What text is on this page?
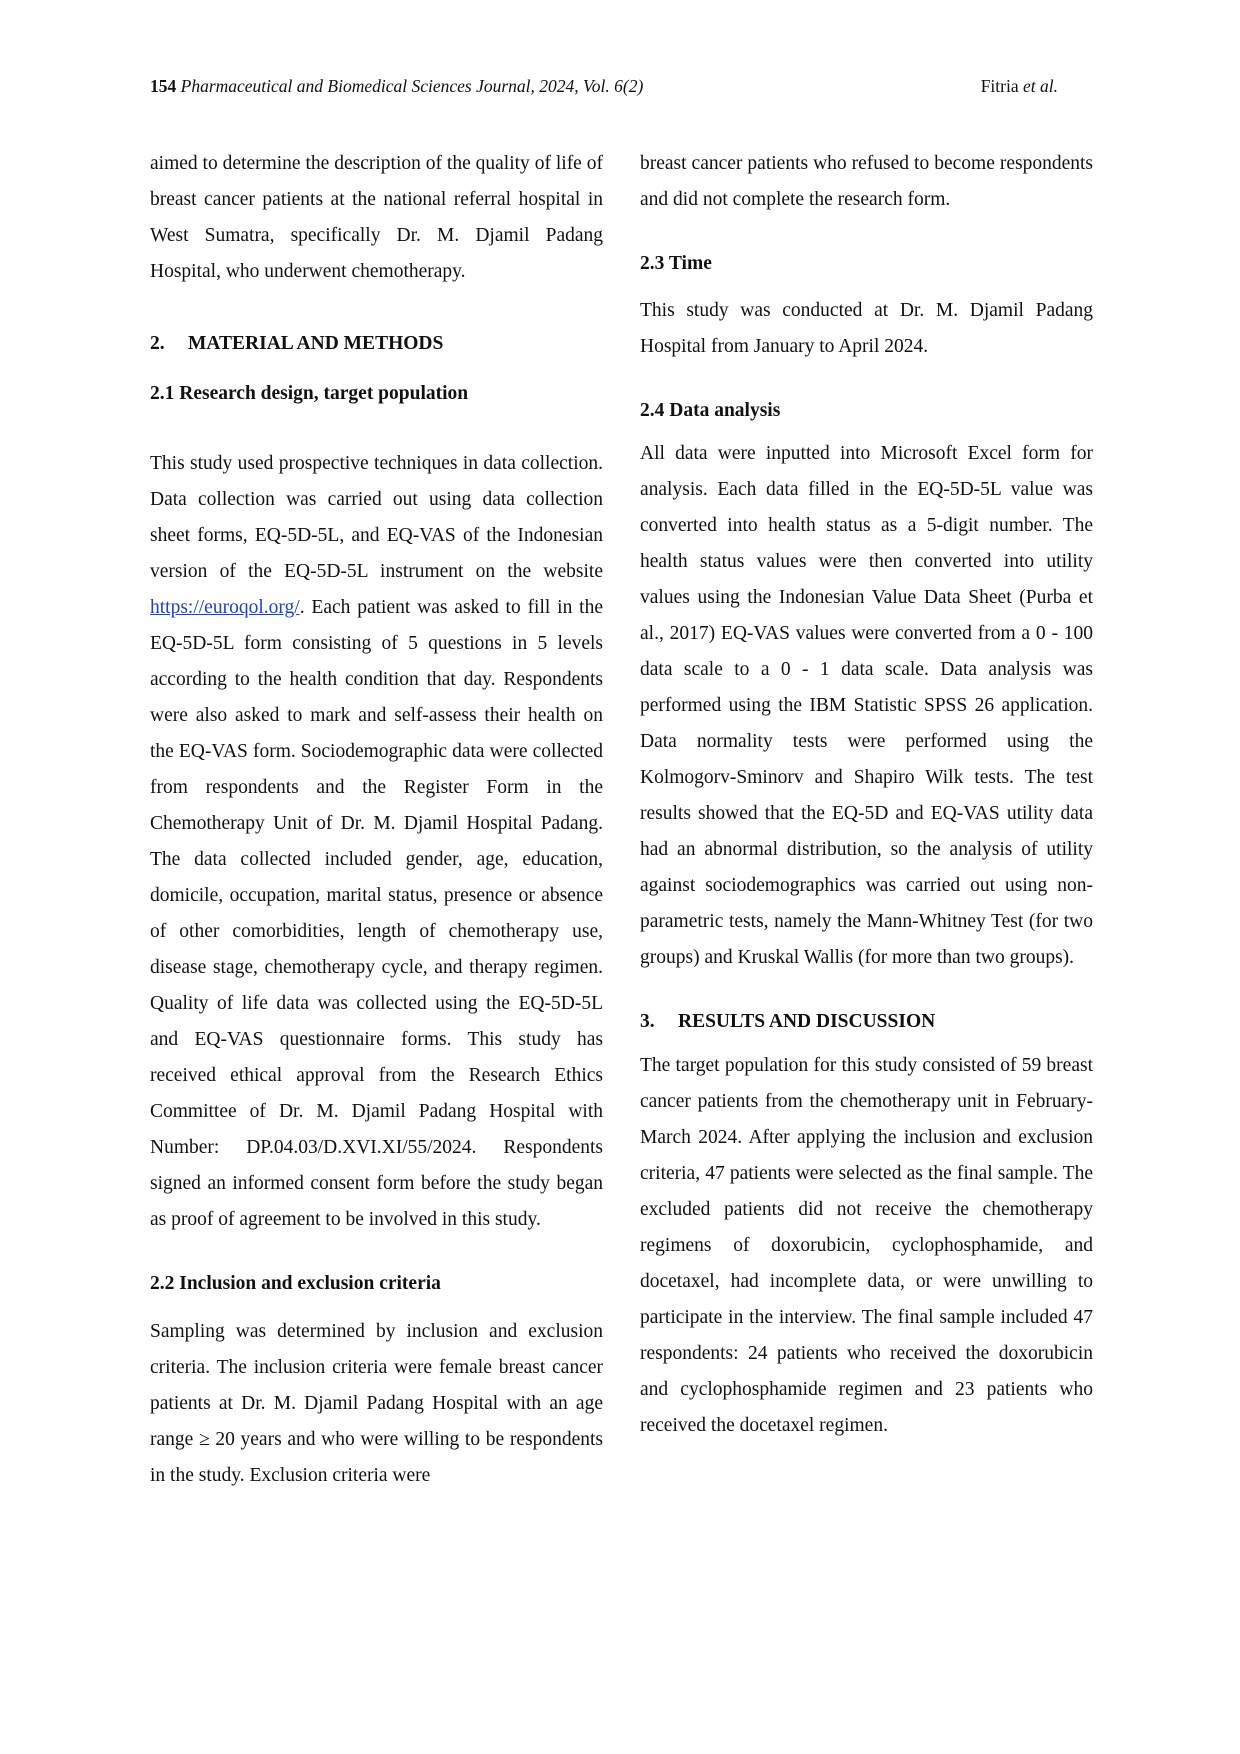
154 Pharmaceutical and Biomedical Sciences Journal, 2024, Vol. 6(2)	Fitria et al.

aimed to determine the description of the quality of life of breast cancer patients at the national referral hospital in West Sumatra, specifically Dr. M. Djamil Padang Hospital, who underwent chemotherapy.

2. MATERIAL AND METHODS
2.1 Research design, target population

This study used prospective techniques in data collection. Data collection was carried out using data collection sheet forms, EQ-5D-5L, and EQ-VAS of the Indonesian version of the EQ-5D-5L instrument on the website https://euroqol.org/. Each patient was asked to fill in the EQ-5D-5L form consisting of 5 questions in 5 levels according to the health condition that day. Respondents were also asked to mark and self-assess their health on the EQ-VAS form. Sociodemographic data were collected from respondents and the Register Form in the Chemotherapy Unit of Dr. M. Djamil Hospital Padang. The data collected included gender, age, education, domicile, occupation, marital status, presence or absence of other comorbidities, length of chemotherapy use, disease stage, chemotherapy cycle, and therapy regimen. Quality of life data was collected using the EQ-5D-5L and EQ-VAS questionnaire forms. This study has received ethical approval from the Research Ethics Committee of Dr. M. Djamil Padang Hospital with Number: DP.04.03/D.XVI.XI/55/2024. Respondents signed an informed consent form before the study began as proof of agreement to be involved in this study.

2.2 Inclusion and exclusion criteria

Sampling was determined by inclusion and exclusion criteria. The inclusion criteria were female breast cancer patients at Dr. M. Djamil Padang Hospital with an age range ≥ 20 years and who were willing to be respondents in the study. Exclusion criteria were

breast cancer patients who refused to become respondents and did not complete the research form.

2.3 Time

This study was conducted at Dr. M. Djamil Padang Hospital from January to April 2024.

2.4 Data analysis

All data were inputted into Microsoft Excel form for analysis. Each data filled in the EQ-5D-5L value was converted into health status as a 5-digit number. The health status values were then converted into utility values using the Indonesian Value Data Sheet (Purba et al., 2017) EQ-VAS values were converted from a 0 - 100 data scale to a 0 - 1 data scale. Data analysis was performed using the IBM Statistic SPSS 26 application. Data normality tests were performed using the Kolmogorv-Sminorv and Shapiro Wilk tests. The test results showed that the EQ-5D and EQ-VAS utility data had an abnormal distribution, so the analysis of utility against sociodemographics was carried out using non-parametric tests, namely the Mann-Whitney Test (for two groups) and Kruskal Wallis (for more than two groups).

3. RESULTS AND DISCUSSION

The target population for this study consisted of 59 breast cancer patients from the chemotherapy unit in February-March 2024. After applying the inclusion and exclusion criteria, 47 patients were selected as the final sample. The excluded patients did not receive the chemotherapy regimens of doxorubicin, cyclophosphamide, and docetaxel, had incomplete data, or were unwilling to participate in the interview. The final sample included 47 respondents: 24 patients who received the doxorubicin and cyclophosphamide regimen and 23 patients who received the docetaxel regimen.
